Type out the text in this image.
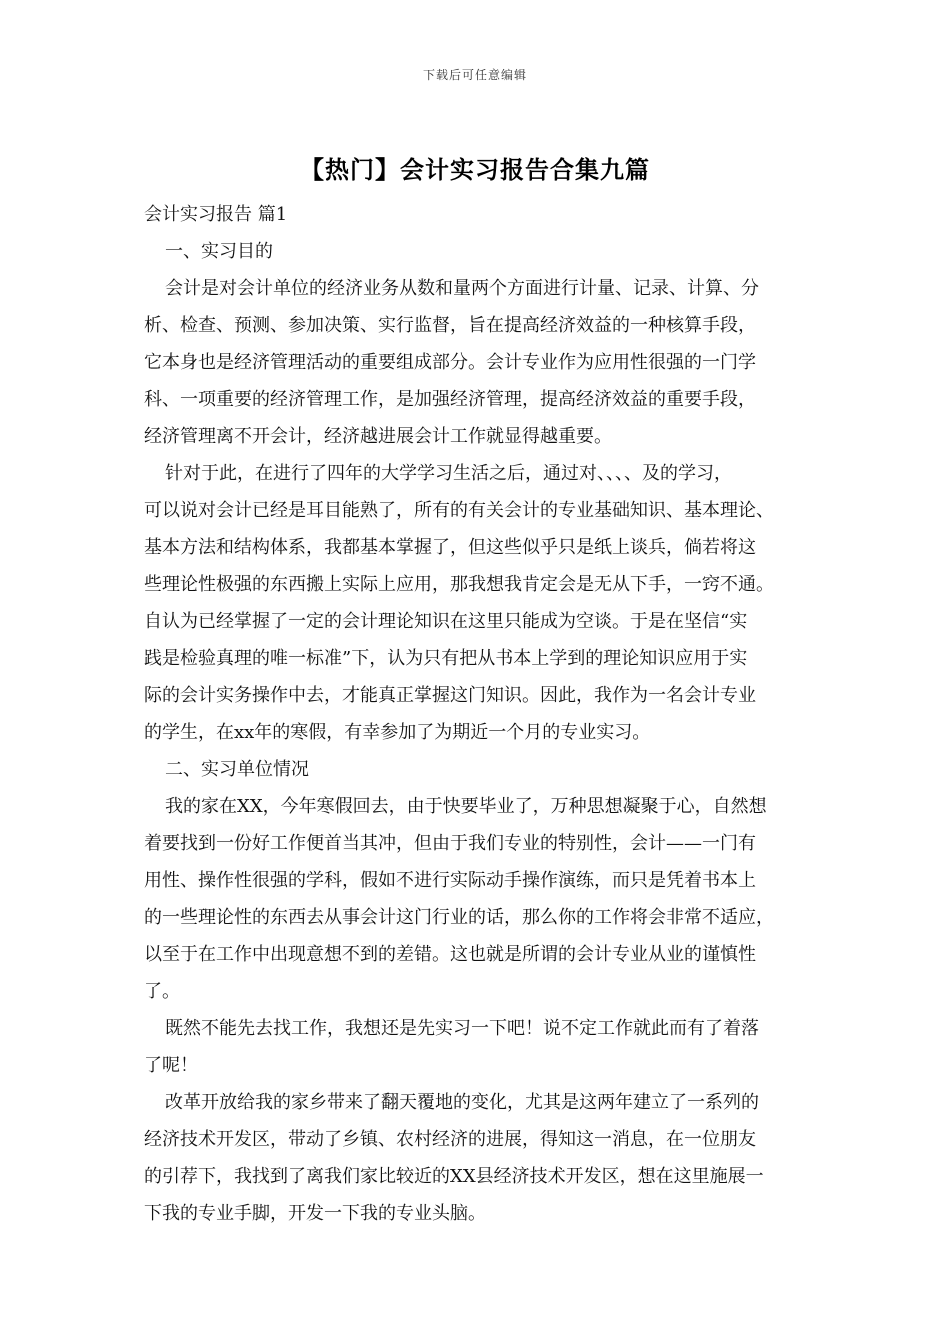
下载后可任意编辑
【热门】会计实习报告合集九篇
会计实习报告 篇1
一、实习目的
会计是对会计单位的经济业务从数和量两个方面进行计量、记录、计算、分
析、检查、预测、参加决策、实行监督，旨在提高经济效益的一种核算手段，
它本身也是经济管理活动的重要组成部分。会计专业作为应用性很强的一门学
科、一项重要的经济管理工作，是加强经济管理，提高经济效益的重要手段，
经济管理离不开会计，经济越进展会计工作就显得越重要。
针对于此，在进行了四年的大学学习生活之后，通过对、、、、及的学习，
可以说对会计已经是耳目能熟了，所有的有关会计的专业基础知识、基本理论、
基本方法和结构体系，我都基本掌握了，但这些似乎只是纸上谈兵，倘若将这
些理论性极强的东西搬上实际上应用，那我想我肯定会是无从下手，一窍不通。
自认为已经掌握了一定的会计理论知识在这里只能成为空谈。于是在坚信“实
践是检验真理的唯一标准”下，认为只有把从书本上学到的理论知识应用于实
际的会计实务操作中去，才能真正掌握这门知识。因此，我作为一名会计专业
的学生，在xx年的寒假，有幸参加了为期近一个月的专业实习。
二、实习单位情况
我的家在XX，今年寒假回去，由于快要毕业了，万种思想凝聚于心，自然想
着要找到一份好工作便首当其冲，但由于我们专业的特别性，会计——一门有
用性、操作性很强的学科，假如不进行实际动手操作演练，而只是凭着书本上
的一些理论性的东西去从事会计这门行业的话，那么你的工作将会非常不适应，
以至于在工作中出现意想不到的差错。这也就是所谓的会计专业从业的谨慎性
了。
既然不能先去找工作，我想还是先实习一下吧！说不定工作就此而有了着落
了呢！
改革开放给我的家乡带来了翻天覆地的变化，尤其是这两年建立了一系列的
经济技术开发区，带动了乡镇、农村经济的进展，得知这一消息，在一位朋友
的引荐下，我找到了离我们家比较近的XX县经济技术开发区，想在这里施展一
下我的专业手脚，开发一下我的专业头脑。
